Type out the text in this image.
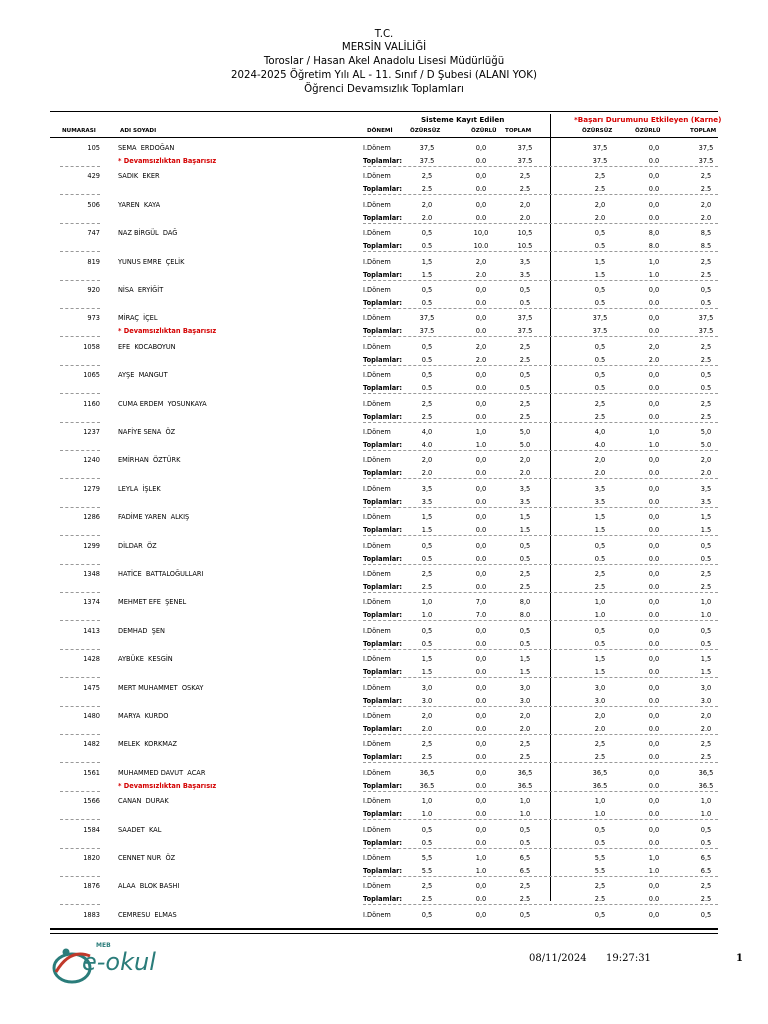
T.C.
MERSİN VALİLİĞİ
Toroslar / Hasan Akel Anadolu Lisesi Müdürlüğü
2024-2025 Öğretim Yılı AL - 11. Sınıf / D Şubesi (ALANI YOK)
Öğrenci Devamsızlık Toplamları
Sisteme Kayıt Edilen	*Başarı Durumunu Etkileyen (Karne)
NUMARASI	ADI SOYADI	DÖNEMİ	ÖZÜRSÜZ	ÖZÜRLÜ TOPLAM	ÖZÜRSÜZ	ÖZÜRLÜ	TOPLAM
105	SEMA  ERDOĞAN	I.Dönem	37,5	0,0	37,5	37,5	0,0	37,5
Toplamlar:	37.5	0.0	37.5	37.5	0.0	37.5
* Devamsızlıktan Başarısız
429	SADIK  EKER	I.Dönem	2,5	0,0	2,5	2,5	0,0	2,5
Toplamlar:	2.5	0.0	2.5	2.5	0.0	2.5
506	YAREN  KAYA	I.Dönem	2,0	0,0	2,0	2,0	0,0	2,0
Toplamlar:	2.0	0.0	2.0	2.0	0.0	2.0
747	NAZ BİRGÜL  DAĞ	I.Dönem	0,5	10,0	10,5	0,5	8,0	8,5
Toplamlar:	0.5	10.0	10.5	0.5	8.0	8.5
819	YUNUS EMRE  ÇELİK	I.Dönem	1,5	2,0	3,5	1,5	1,0	2,5
Toplamlar:	1.5	2.0	3.5	1.5	1.0	2.5
920	NİSA  ERYİĞİT	I.Dönem	0,5	0,0	0,5	0,5	0,0	0,5
Toplamlar:	0.5	0.0	0.5	0.5	0.0	0.5
973	MİRAÇ  İÇEL	I.Dönem	37,5	0,0	37,5	37,5	0,0	37,5
Toplamlar:	37.5	0.0	37.5	37.5	0.0	37.5
* Devamsızlıktan Başarısız
1058	EFE  KOCABOYUN	I.Dönem	0,5	2,0	2,5	0,5	2,0	2,5
Toplamlar:	0.5	2.0	2.5	0.5	2.0	2.5
1065	AYŞE  MANGUT	I.Dönem	0,5	0,0	0,5	0,5	0,0	0,5
Toplamlar:	0.5	0.0	0.5	0.5	0.0	0.5
1160	CUMA ERDEM  YOSUNKAYA	I.Dönem	2,5	0,0	2,5	2,5	0,0	2,5
Toplamlar:	2.5	0.0	2.5	2.5	0.0	2.5
1237	NAFİYE SENA  ÖZ	I.Dönem	4,0	1,0	5,0	4,0	1,0	5,0
Toplamlar:	4.0	1.0	5.0	4.0	1.0	5.0
1240	EMİRHAN  ÖZTÜRK	I.Dönem	2,0	0,0	2,0	2,0	0,0	2,0
Toplamlar:	2.0	0.0	2.0	2.0	0.0	2.0
1279	LEYLA  İŞLEK	I.Dönem	3,5	0,0	3,5	3,5	0,0	3,5
Toplamlar:	3.5	0.0	3.5	3.5	0.0	3.5
1286	FADİME YAREN  ALKIŞ	I.Dönem	1,5	0,0	1,5	1,5	0,0	1,5
Toplamlar:	1.5	0.0	1.5	1.5	0.0	1.5
1299	DİLDAR  ÖZ	I.Dönem	0,5	0,0	0,5	0,5	0,0	0,5
Toplamlar:	0.5	0.0	0.5	0.5	0.0	0.5
1348	HATİCE  BATTALOĞULLARI	I.Dönem	2,5	0,0	2,5	2,5	0,0	2,5
Toplamlar:	2.5	0.0	2.5	2.5	0.0	2.5
1374	MEHMET EFE  ŞENEL	I.Dönem	1,0	7,0	8,0	1,0	0,0	1,0
Toplamlar:	1.0	7.0	8.0	1.0	0.0	1.0
1413	DEMHAD  ŞEN	I.Dönem	0,5	0,0	0,5	0,5	0,0	0,5
Toplamlar:	0.5	0.0	0.5	0.5	0.0	0.5
1428	AYBÜKE  KESGİN	I.Dönem	1,5	0,0	1,5	1,5	0,0	1,5
Toplamlar:	1.5	0.0	1.5	1.5	0.0	1.5
1475	MERT MUHAMMET  OSKAY	I.Dönem	3,0	0,0	3,0	3,0	0,0	3,0
Toplamlar:	3.0	0.0	3.0	3.0	0.0	3.0
1480	MARYA  KURDO	I.Dönem	2,0	0,0	2,0	2,0	0,0	2,0
Toplamlar:	2.0	0.0	2.0	2.0	0.0	2.0
1482	MELEK  KORKMAZ	I.Dönem	2,5	0,0	2,5	2,5	0,0	2,5
Toplamlar:	2.5	0.0	2.5	2.5	0.0	2.5
1561	MUHAMMED DAVUT  ACAR	I.Dönem	36,5	0,0	36,5	36,5	0,0	36,5
Toplamlar:	36.5	0.0	36.5	36.5	0.0	36.5
* Devamsızlıktan Başarısız
1566	CANAN  DURAK	I.Dönem	1,0	0,0	1,0	1,0	0,0	1,0
Toplamlar:	1.0	0.0	1.0	1.0	0.0	1.0
1584	SAADET  KAL	I.Dönem	0,5	0,0	0,5	0,5	0,0	0,5
Toplamlar:	0.5	0.0	0.5	0.5	0.0	0.5
1820	CENNET NUR  ÖZ	I.Dönem	5,5	1,0	6,5	5,5	1,0	6,5
Toplamlar:	5.5	1.0	6.5	5.5	1.0	6.5
1876	ALAA  BLOK BASHI	I.Dönem	2,5	0,0	2,5	2,5	0,0	2,5
Toplamlar:	2.5	0.0	2.5	2.5	0.0	2.5
1883	CEMRESU  ELMAS	I.Dönem	0,5	0,0	0,5	0,5	0,0	0,5
MEB
e-okul	08/11/2024 19:27:31	1
